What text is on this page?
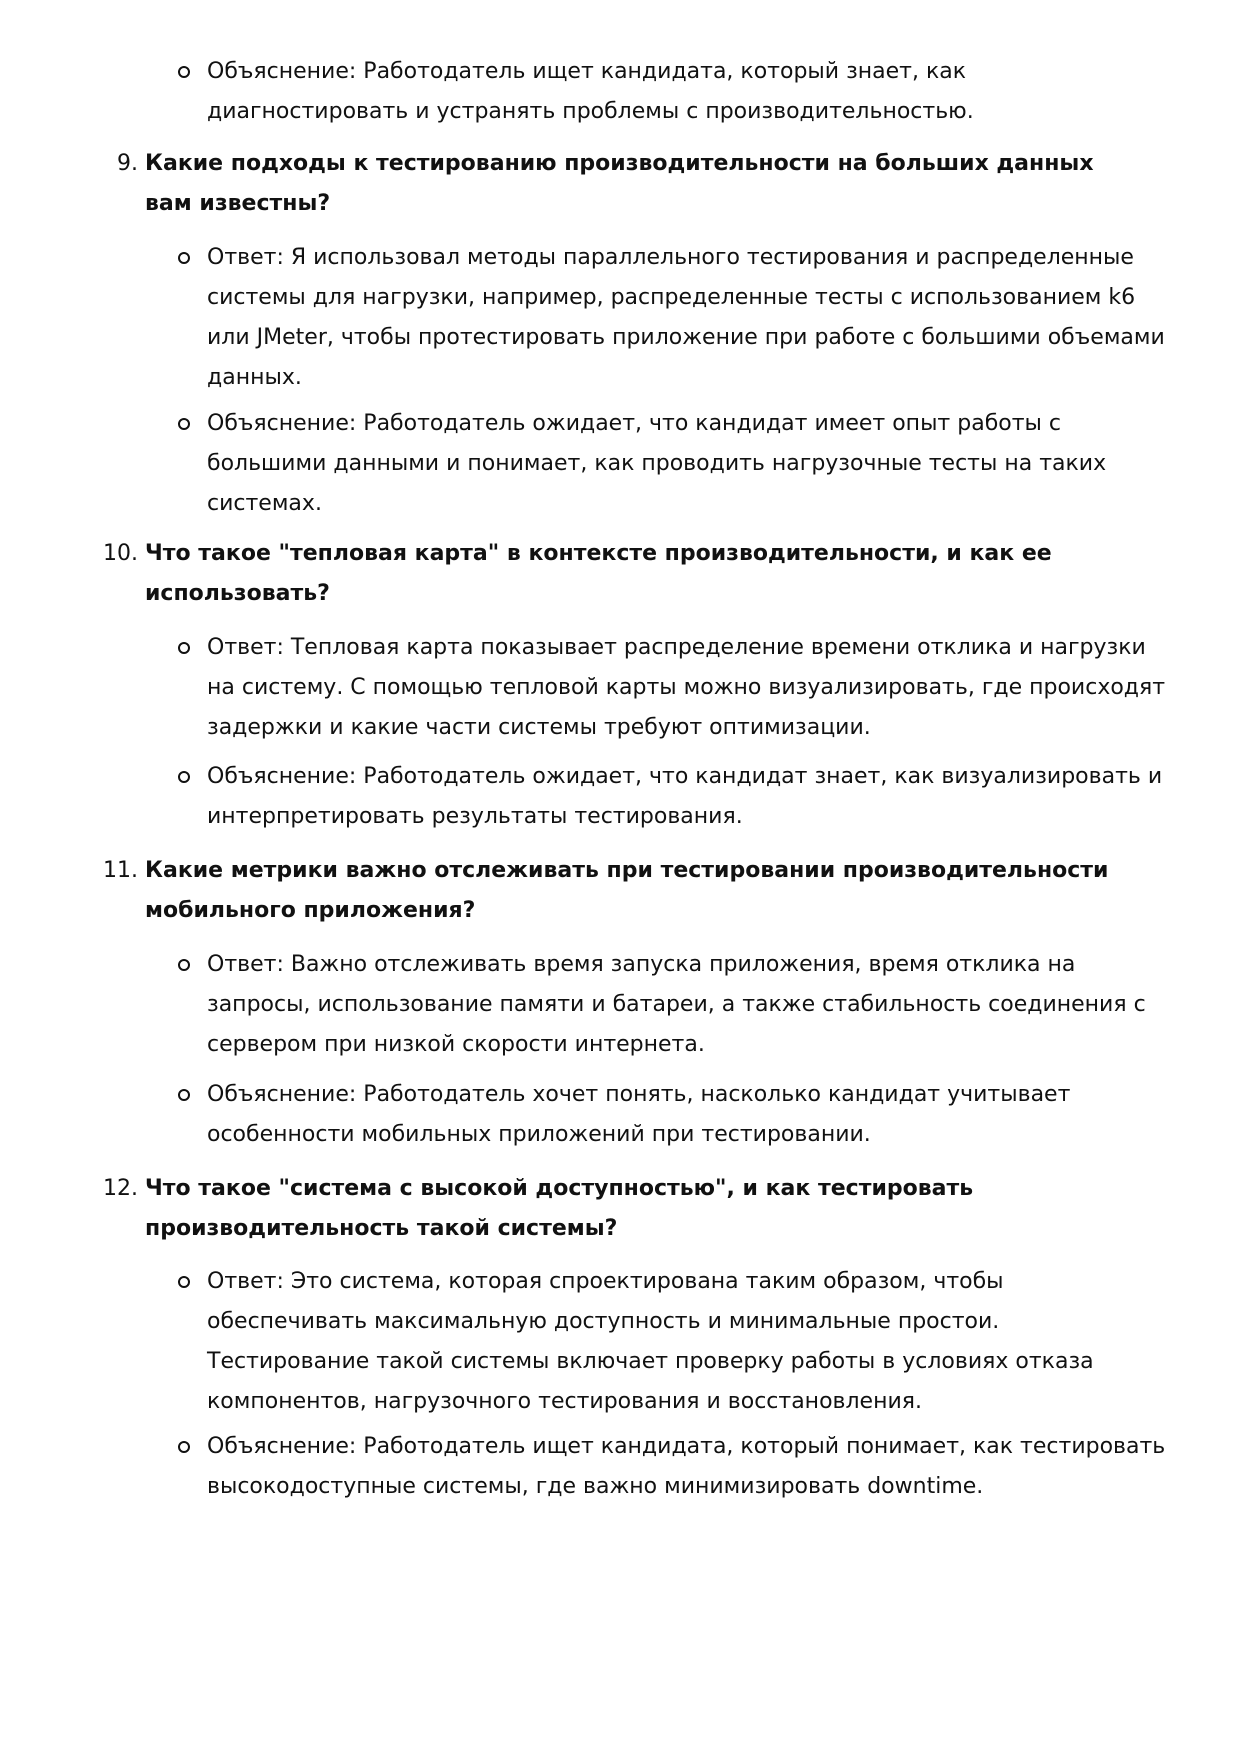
Объяснение: Работодатель ищет кандидата, который знает, как диагностировать и устранять проблемы с производительностью.

9. Какие подходы к тестированию производительности на больших данных вам известны?

Ответ: Я использовал методы параллельного тестирования и распределенные системы для нагрузки, например, распределенные тесты с использованием k6 или JMeter, чтобы протестировать приложение при работе с большими объемами данных.

Объяснение: Работодатель ожидает, что кандидат имеет опыт работы с большими данными и понимает, как проводить нагрузочные тесты на таких системах.

10. Что такое "тепловая карта" в контексте производительности, и как ее использовать?

Ответ: Тепловая карта показывает распределение времени отклика и нагрузки на систему. С помощью тепловой карты можно визуализировать, где происходят задержки и какие части системы требуют оптимизации.

Объяснение: Работодатель ожидает, что кандидат знает, как визуализировать и интерпретировать результаты тестирования.

11. Какие метрики важно отслеживать при тестировании производительности мобильного приложения?

Ответ: Важно отслеживать время запуска приложения, время отклика на запросы, использование памяти и батареи, а также стабильность соединения с сервером при низкой скорости интернета.

Объяснение: Работодатель хочет понять, насколько кандидат учитывает особенности мобильных приложений при тестировании.

12. Что такое "система с высокой доступностью", и как тестировать производительность такой системы?

Ответ: Это система, которая спроектирована таким образом, чтобы обеспечивать максимальную доступность и минимальные простои. Тестирование такой системы включает проверку работы в условиях отказа компонентов, нагрузочного тестирования и восстановления.

Объяснение: Работодатель ищет кандидата, который понимает, как тестировать высокодоступные системы, где важно минимизировать downtime.
